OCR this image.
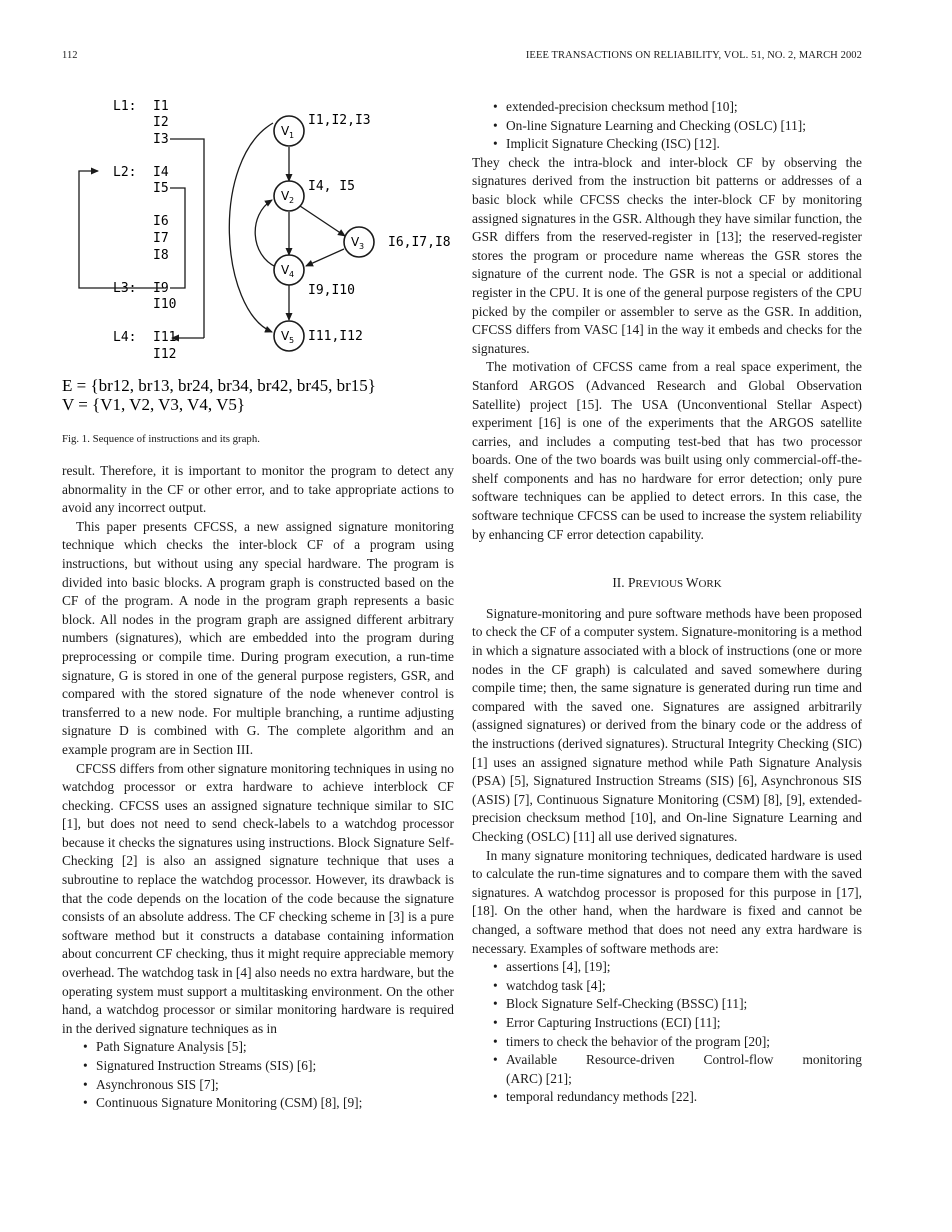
112	IEEE TRANSACTIONS ON RELIABILITY, VOL. 51, NO. 2, MARCH 2002
L1:
L2:
L3:
L4:
I1
I2
I3
I4
I5
I6
I7
I8
I9
I10
I11
I12
V 1
V 2
V 3
V 4
V 5
I1,I2,I3
I4, I5
I6,I7,I8
I9,I10
I11,I12
E = {br12, br13, br24, br34, br42, br45, br15}
V = {V1, V2, V3, V4, V5}
Fig. 1. Sequence of instructions and its graph.

result. Therefore, it is important to monitor the program to detect any abnormality in the CF or other error, and to take appropriate actions to avoid any incorrect output.

This paper presents CFCSS, a new assigned signature monitoring technique which checks the inter-block CF of a program using instructions, but without using any special hardware. The program is divided into basic blocks. A program graph is constructed based on the CF of the program. A node in the program graph represents a basic block. All nodes in the program graph are assigned different arbitrary numbers (signatures), which are embedded into the program during preprocessing or compile time. During program execution, a run-time signature, G is stored in one of the general purpose registers, GSR, and compared with the stored signature of the node whenever control is transferred to a new node. For multiple branching, a runtime adjusting signature D is combined with G. The complete algorithm and an example program are in Section III.

CFCSS differs from other signature monitoring techniques in using no watchdog processor or extra hardware to achieve interblock CF checking. CFCSS uses an assigned signature technique similar to SIC [1], but does not need to send check-labels to a watchdog processor because it checks the signatures using instructions. Block Signature Self-Checking [2] is also an assigned signature technique that uses a subroutine to replace the watchdog processor. However, its drawback is that the code depends on the location of the code because the signature consists of an absolute address. The CF checking scheme in [3] is a pure software method but it constructs a database containing information about concurrent CF checking, thus it might require appreciable memory overhead. The watchdog task in [4] also needs no extra hardware, but the operating system must support a multitasking environment. On the other hand, a watchdog processor or similar monitoring hardware is required in the derived signature techniques as in

• Path Signature Analysis [5];
• Signatured Instruction Streams (SIS) [6];
• Asynchronous SIS [7];
• Continuous Signature Monitoring (CSM) [8], [9];
• extended-precision checksum method [10];
• On-line Signature Learning and Checking (OSLC) [11];
• Implicit Signature Checking (ISC) [12].

They check the intra-block and inter-block CF by observing the signatures derived from the instruction bit patterns or addresses of a basic block while CFCSS checks the inter-block CF by monitoring assigned signatures in the GSR. Although they have similar function, the GSR differs from the reserved-register in [13]; the reserved-register stores the program or procedure name whereas the GSR stores the signature of the current node. The GSR is not a special or additional register in the CPU. It is one of the general purpose registers of the CPU picked by the compiler or assembler to serve as the GSR. In addition, CFCSS differs from VASC [14] in the way it embeds and checks for the signatures.

The motivation of CFCSS came from a real space experiment, the Stanford ARGOS (Advanced Research and Global Observation Satellite) project [15]. The USA (Unconventional Stellar Aspect) experiment [16] is one of the experiments that the ARGOS satellite carries, and includes a computing test-bed that has two processor boards. One of the two boards was built using only commercial-off-the-shelf components and has no hardware for error detection; only pure software techniques can be applied to detect errors. In this case, the software technique CFCSS can be used to increase the system reliability by enhancing CF error detection capability.

II. PREVIOUS WORK

Signature-monitoring and pure software methods have been proposed to check the CF of a computer system. Signature-monitoring is a method in which a signature associated with a block of instructions (one or more nodes in the CF graph) is calculated and saved somewhere during compile time; then, the same signature is generated during run time and compared with the saved one. Signatures are assigned arbitrarily (assigned signatures) or derived from the binary code or the address of the instructions (derived signatures). Structural Integrity Checking (SIC) [1] uses an assigned signature method while Path Signature Analysis (PSA) [5], Signatured Instruction Streams (SIS) [6], Asynchronous SIS (ASIS) [7], Continuous Signature Monitoring (CSM) [8], [9], extended-precision checksum method [10], and On-line Signature Learning and Checking (OSLC) [11] all use derived signatures.

In many signature monitoring techniques, dedicated hardware is used to calculate the run-time signatures and to compare them with the saved signatures. A watchdog processor is proposed for this purpose in [17], [18]. On the other hand, when the hardware is fixed and cannot be changed, a software method that does not need any extra hardware is necessary. Examples of software methods are:

• assertions [4], [19];
• watchdog task [4];
• Block Signature Self-Checking (BSSC) [11];
• Error Capturing Instructions (ECI) [11];
• timers to check the behavior of the program [20];
• Available Resource-driven Control-flow monitoring
(ARC) [21];
• temporal redundancy methods [22].
